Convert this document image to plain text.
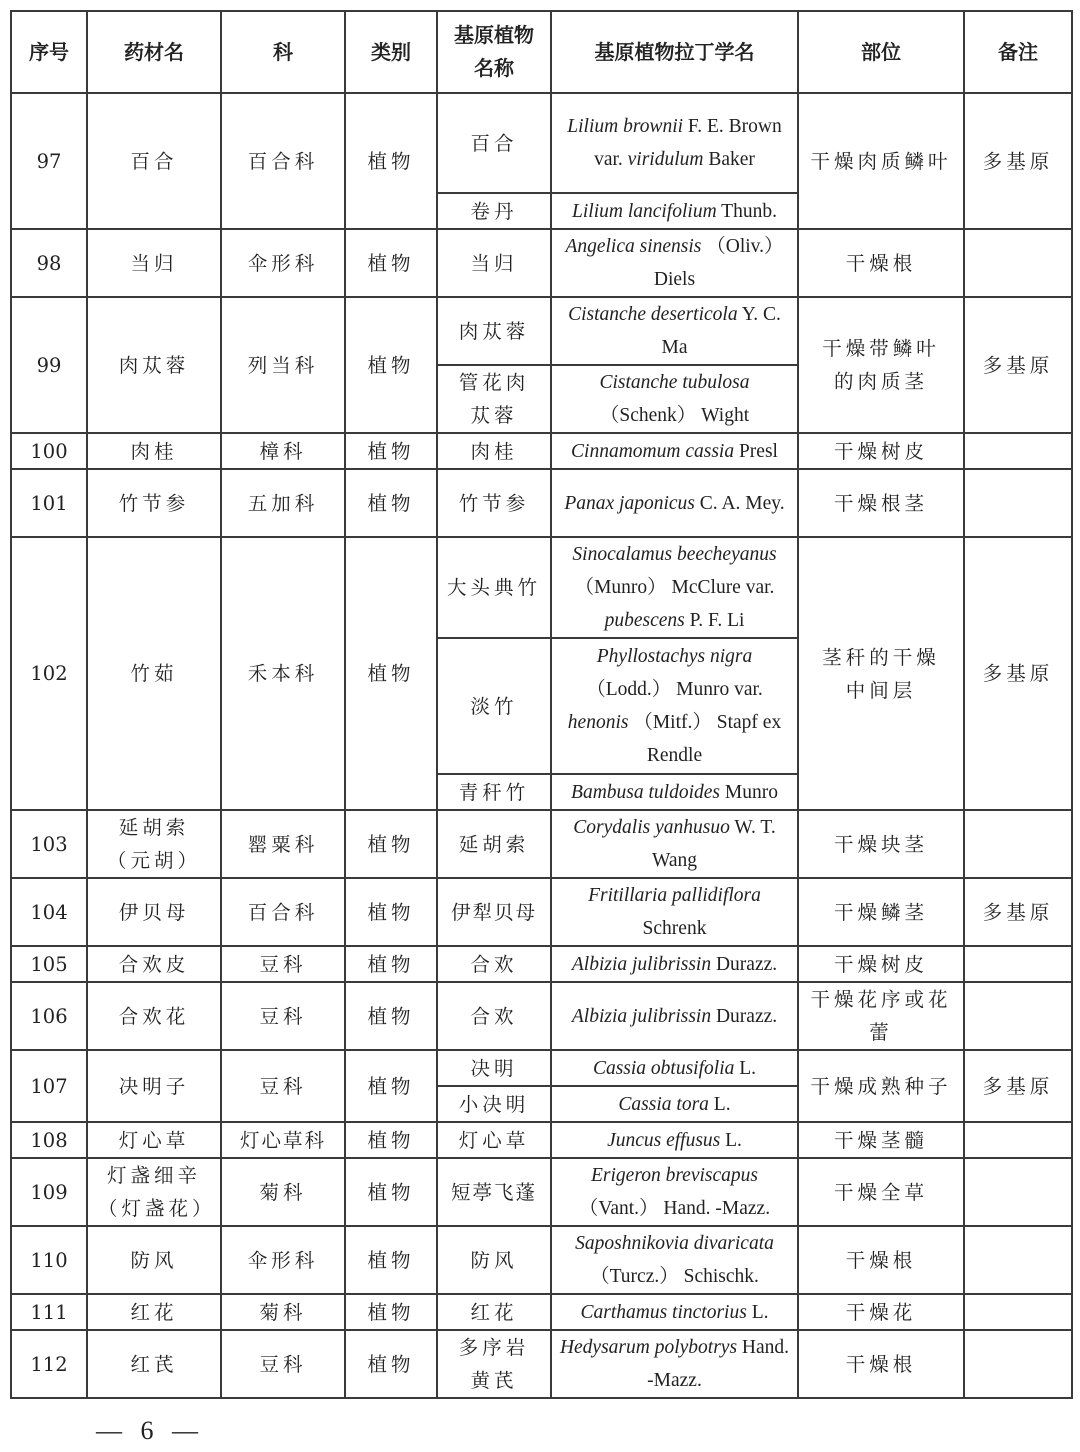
序号	药材名	科	类别	基原植物名称	基原植物拉丁学名	部位	备注
97	百合	百合科	植物	百合	Lilium brownii F. E. Brown var. viridulum Baker	干燥肉质鳞叶	多基原
				卷丹	Lilium lancifolium Thunb.		
98	当归	伞形科	植物	当归	Angelica sinensis （Oliv.） Diels	干燥根	
99	肉苁蓉	列当科	植物	肉苁蓉	Cistanche deserticola Y. C. Ma	干燥带鳞叶的肉质茎	多基原
				管花肉苁蓉	Cistanche tubulosa （Schenk） Wight		
100	肉桂	樟科	植物	肉桂	Cinnamomum cassia Presl	干燥树皮	
101	竹节参	五加科	植物	竹节参	Panax japonicus C. A. Mey.	干燥根茎	
102	竹茹	禾本科	植物	大头典竹	Sinocalamus beecheyanus （Munro） McClure var. pubescens P. F. Li	茎秆的干燥中间层	多基原
				淡竹	Phyllostachys nigra （Lodd.） Munro var. henonis （Mitf.） Stapf ex Rendle		
				青秆竹	Bambusa tuldoides Munro		
103	延胡索（元胡）	罂粟科	植物	延胡索	Corydalis yanhusuo W. T. Wang	干燥块茎	
104	伊贝母	百合科	植物	伊犁贝母	Fritillaria pallidiflora Schrenk	干燥鳞茎	多基原
105	合欢皮	豆科	植物	合欢	Albizia julibrissin Durazz.	干燥树皮	
106	合欢花	豆科	植物	合欢	Albizia julibrissin Durazz.	干燥花序或花蕾	
107	决明子	豆科	植物	决明	Cassia obtusifolia L.	干燥成熟种子	多基原
				小决明	Cassia tora L.		
108	灯心草	灯心草科	植物	灯心草	Juncus effusus L.	干燥茎髓	
109	灯盏细辛（灯盏花）	菊科	植物	短葶飞蓬	Erigeron breviscapus （Vant.） Hand. -Mazz.	干燥全草	
110	防风	伞形科	植物	防风	Saposhnikovia divaricata （Turcz.） Schischk.	干燥根	
111	红花	菊科	植物	红花	Carthamus tinctorius L.	干燥花	
112	红芪	豆科	植物	多序岩黄芪	Hedysarum polybotrys Hand. -Mazz.	干燥根	
— 6 —
